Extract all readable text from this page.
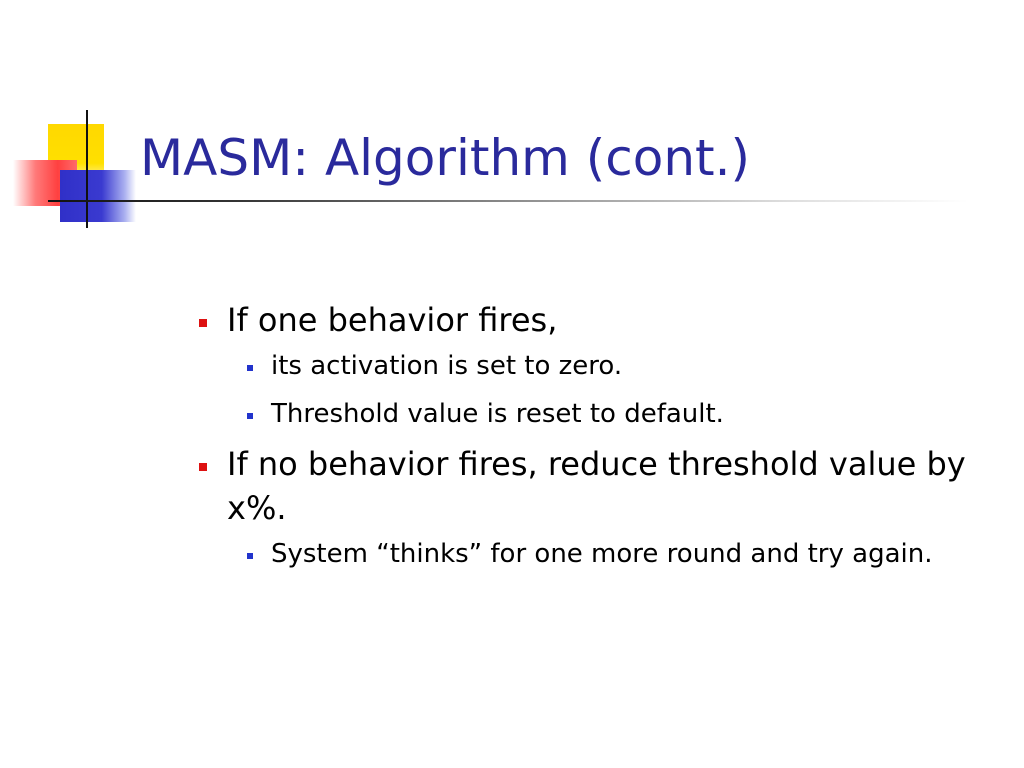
MASM: Algorithm (cont.)
If one behavior fires,
its activation is set to zero.
Threshold value is reset to default.
If no behavior fires, reduce threshold value by x%.
System “thinks” for one more round and try again.
